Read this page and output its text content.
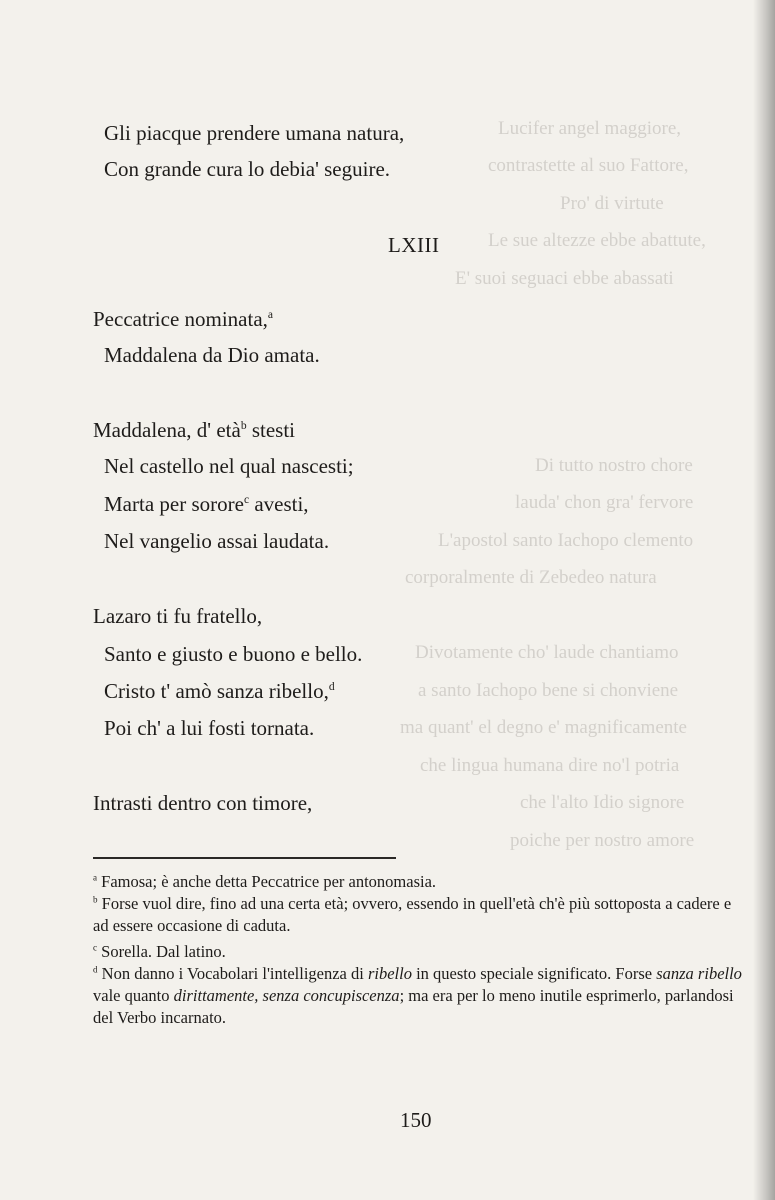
Lucifer angel maggiore,
contrastette al suo Fattore,
Pro' di virtute
Le sue altezze ebbe abattute,
E' suoi seguaci ebbe abassati
Di tutto nostro chore
lauda' chon gra' fervore
L'apostol santo Iachopo clemento
corporalmente di Zebedeo natura
Divotamente cho' laude chantiamo
a santo Iachopo bene si chonviene
ma quant' el degno e' magnificamente
che lingua humana dire no'l potria
che l'alto Idio signore
poiche per nostro amore
Gli piacque prendere umana natura,
Con grande cura lo debia' seguire.
LXIII
Peccatrice nominata,$^a$
Maddalena da Dio amata.
Maddalena, d' età$^b$ stesti
Nel castello nel qual nascesti;
Marta per sorore$^c$ avesti,
Nel vangelio assai laudata.
Lazaro ti fu fratello,
Santo e giusto e buono e bello.
Cristo t' amò sanza ribello,$^d$
Poi ch' a lui fosti tornata.
Intrasti dentro con timore,
$^a$ Famosa; è anche detta Peccatrice per antonomasia.
$^b$ Forse vuol dire, fino ad una certa età; ovvero, essendo in quell'età ch'è più sottoposta a cadere e ad essere occasione di caduta.
$^c$ Sorella. Dal latino.
$^d$ Non danno i Vocabolari l'intelligenza di ribello in questo speciale significato. Forse sanza ribello vale quanto dirittamente, senza concupiscenza; ma era per lo meno inutile esprimerlo, parlandosi del Verbo incarnato.
150
